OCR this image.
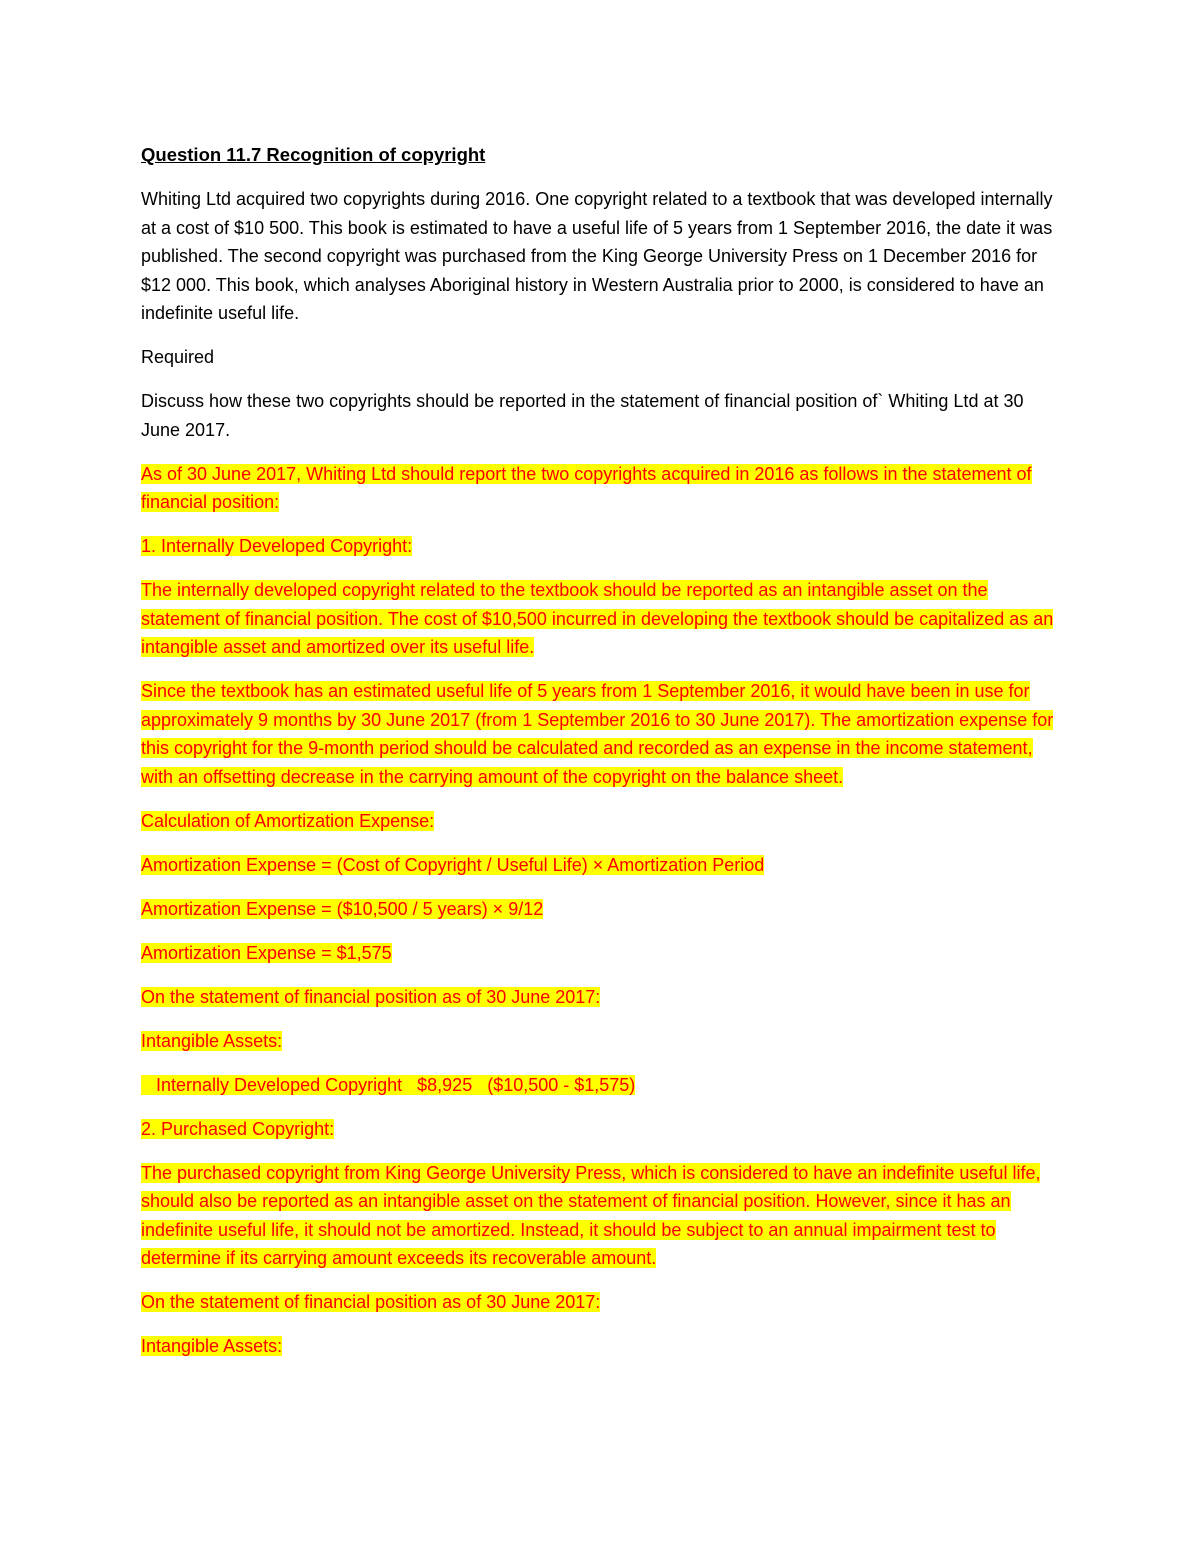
Question 11.7 Recognition of copyright

Whiting Ltd acquired two copyrights during 2016. One copyright related to a textbook that was developed internally at a cost of $10 500. This book is estimated to have a useful life of 5 years from 1 September 2016, the date it was published. The second copyright was purchased from the King George University Press on 1 December 2016 for $12 000. This book, which analyses Aboriginal history in Western Australia prior to 2000, is considered to have an indefinite useful life.

Required

Discuss how these two copyrights should be reported in the statement of financial position of` Whiting Ltd at 30 June 2017.

As of 30 June 2017, Whiting Ltd should report the two copyrights acquired in 2016 as follows in the statement of financial position:

1. Internally Developed Copyright:

The internally developed copyright related to the textbook should be reported as an intangible asset on the statement of financial position. The cost of $10,500 incurred in developing the textbook should be capitalized as an intangible asset and amortized over its useful life.

Since the textbook has an estimated useful life of 5 years from 1 September 2016, it would have been in use for approximately 9 months by 30 June 2017 (from 1 September 2016 to 30 June 2017). The amortization expense for this copyright for the 9-month period should be calculated and recorded as an expense in the income statement, with an offsetting decrease in the carrying amount of the copyright on the balance sheet.

Calculation of Amortization Expense:

Amortization Expense = (Cost of Copyright / Useful Life) × Amortization Period

Amortization Expense = ($10,500 / 5 years) × 9/12

Amortization Expense = $1,575

On the statement of financial position as of 30 June 2017:

Intangible Assets:

Internally Developed Copyright   $8,925   ($10,500 - $1,575)

2. Purchased Copyright:

The purchased copyright from King George University Press, which is considered to have an indefinite useful life, should also be reported as an intangible asset on the statement of financial position. However, since it has an indefinite useful life, it should not be amortized. Instead, it should be subject to an annual impairment test to determine if its carrying amount exceeds its recoverable amount.

On the statement of financial position as of 30 June 2017:

Intangible Assets:
